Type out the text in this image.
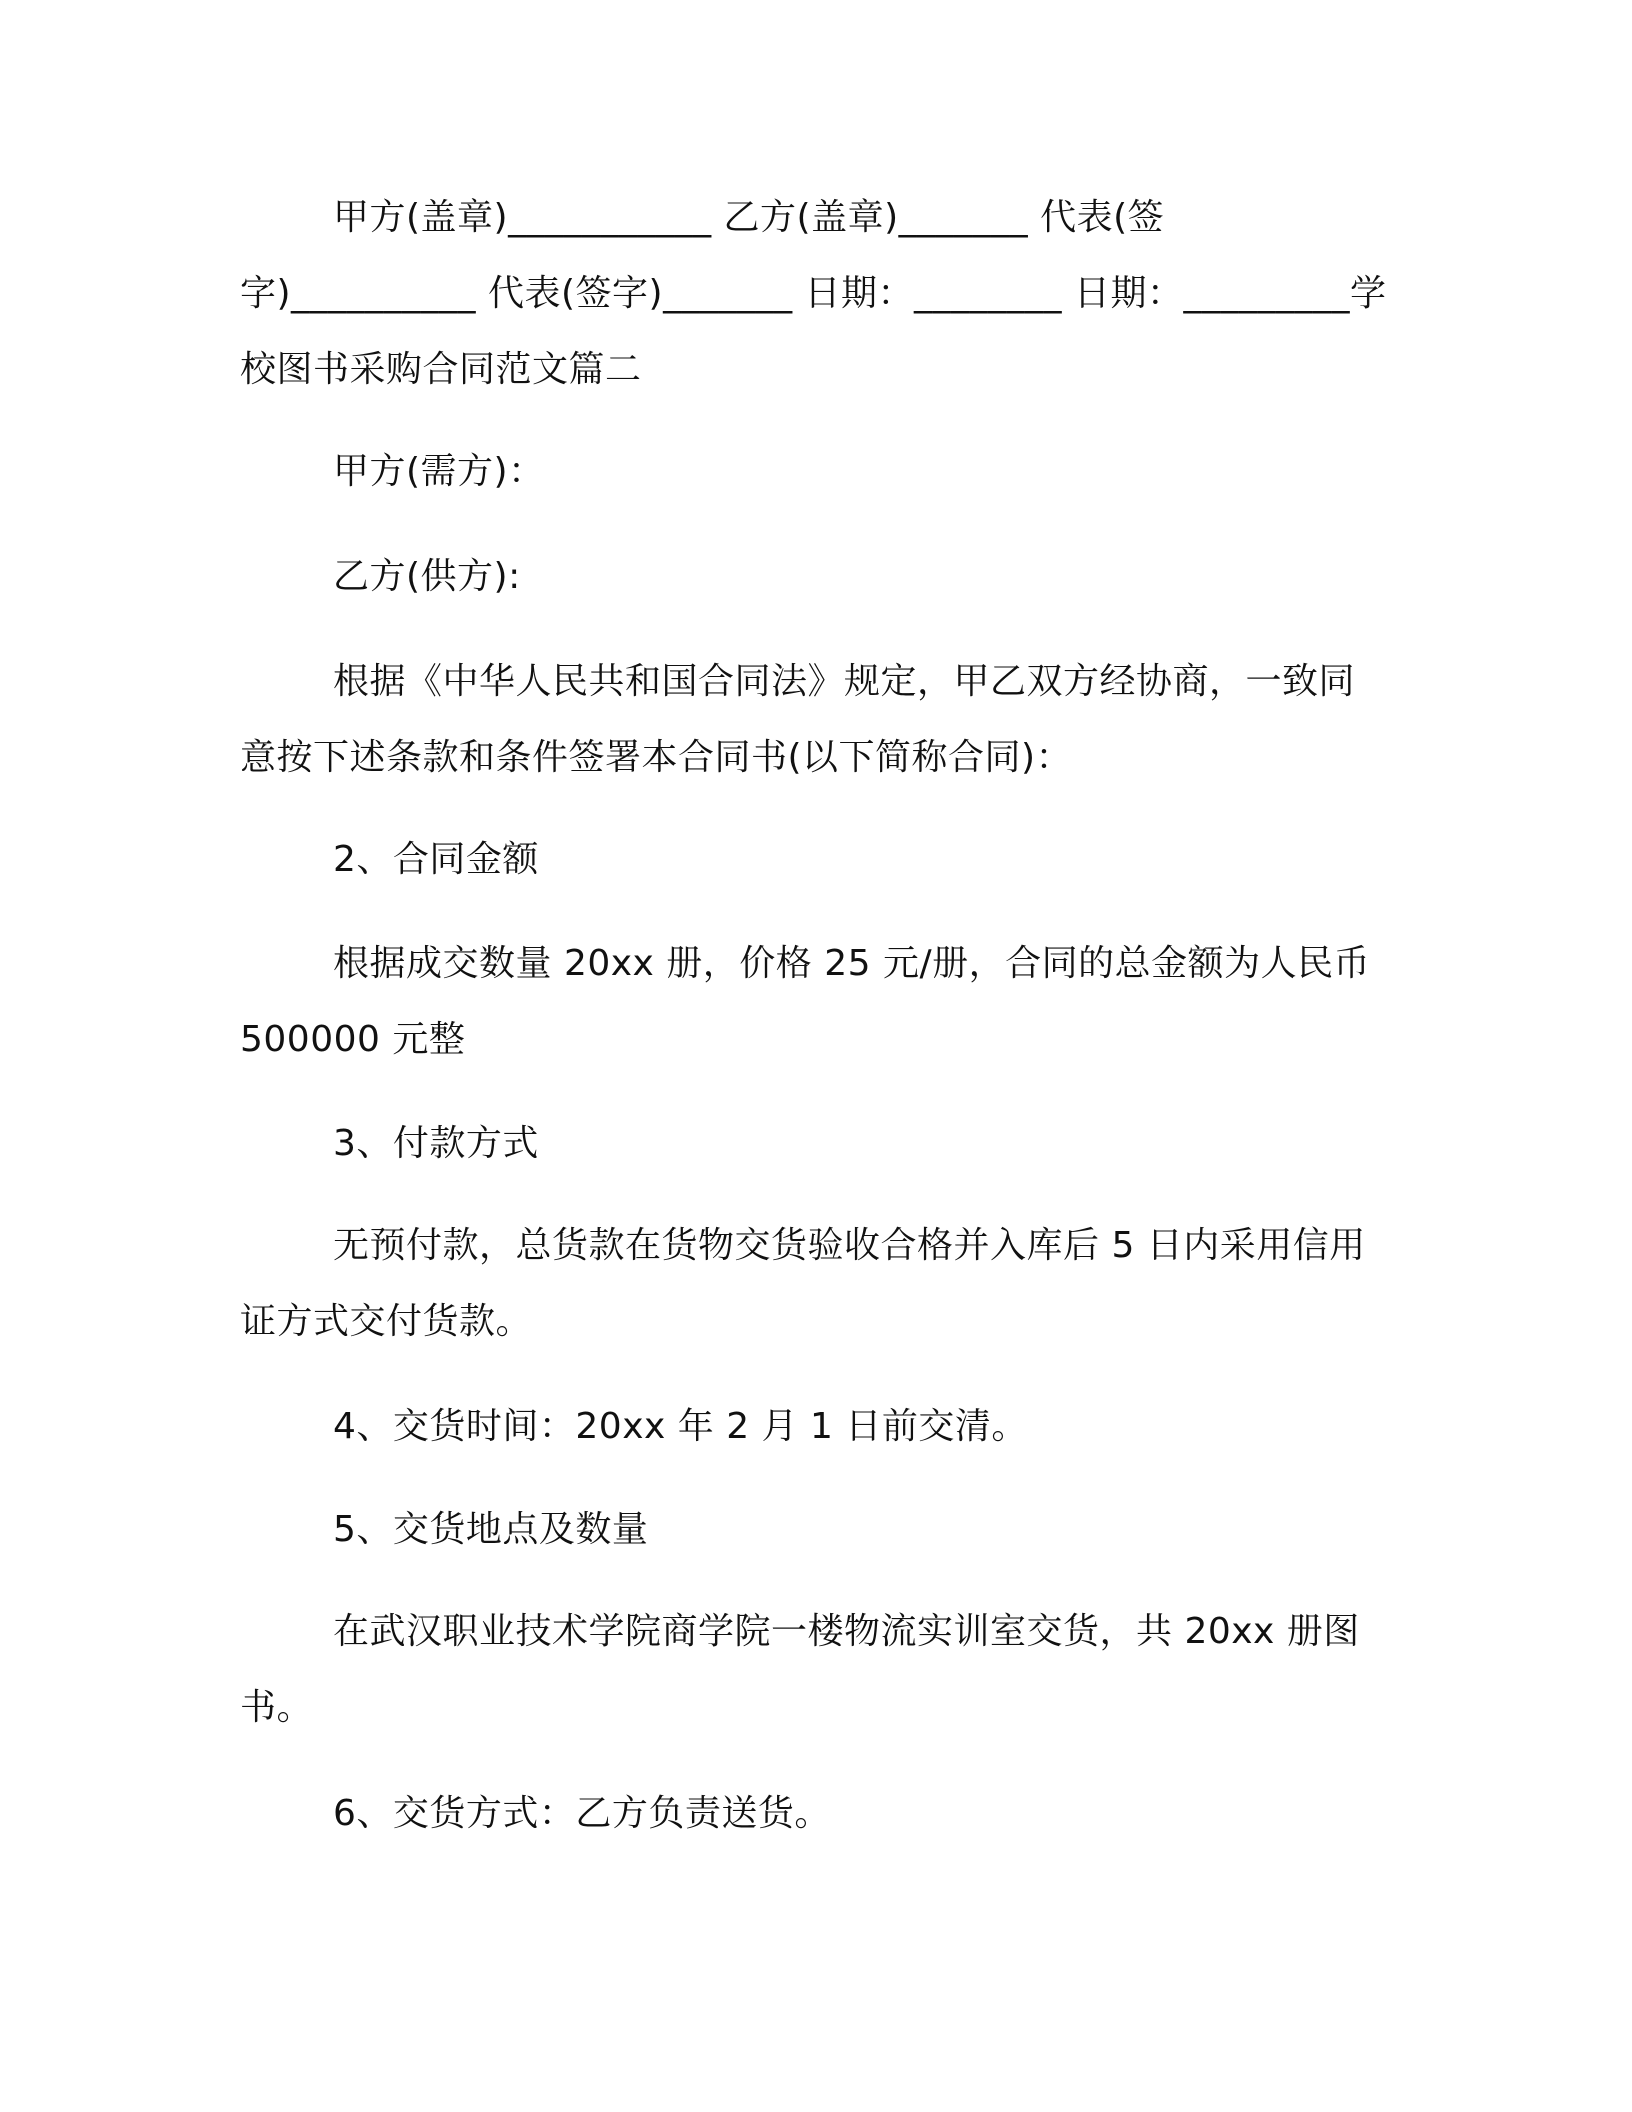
甲方(盖章)___________ 乙方(盖章)_______ 代表(签
字)__________ 代表(签字)_______ 日期：________ 日期：_________学
校图书采购合同范文篇二
甲方(需方)：
乙方(供方):
根据《中华人民共和国合同法》规定，甲乙双方经协商，一致同
意按下述条款和条件签署本合同书(以下简称合同)：
2、合同金额
根据成交数量 20xx 册，价格 25 元/册，合同的总金额为人民币
500000 元整
3、付款方式
无预付款，总货款在货物交货验收合格并入库后 5 日内采用信用
证方式交付货款。
4、交货时间：20xx 年 2 月 1 日前交清。
5、交货地点及数量
在武汉职业技术学院商学院一楼物流实训室交货，共 20xx 册图
书。
6、交货方式：乙方负责送货。
